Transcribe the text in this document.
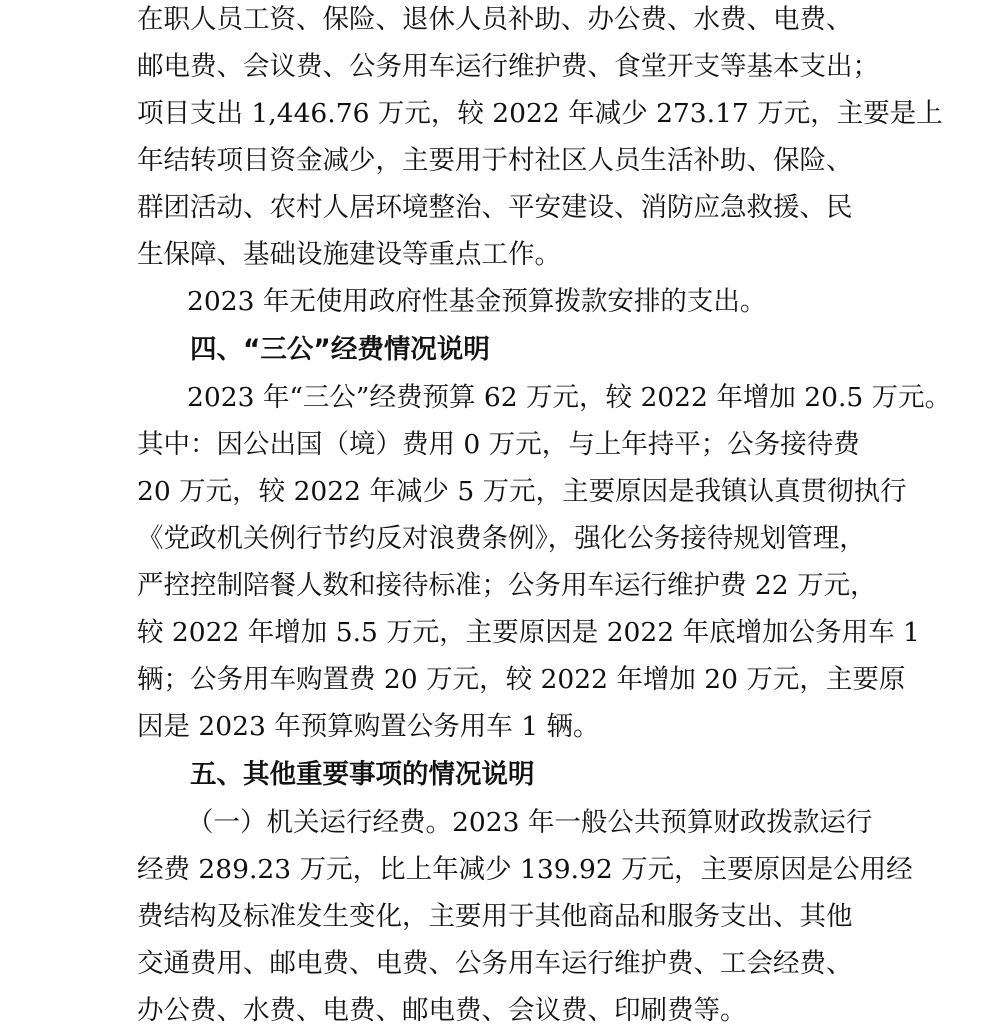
在职人员工资、保险、退休人员补助、办公费、水费、电费、
邮电费、会议费、公务用车运行维护费、食堂开支等基本支出；
项目支出 1,446.76 万元，较 2022 年减少 273.17 万元，主要是上
年结转项目资金减少，主要用于村社区人员生活补助、保险、
群团活动、农村人居环境整治、平安建设、消防应急救援、民
生保障、基础设施建设等重点工作。
2023 年无使用政府性基金预算拨款安排的支出。
四、“三公”经费情况说明
2023 年“三公”经费预算 62 万元，较 2022 年增加 20.5 万元。
其中：因公出国（境）费用 0 万元，与上年持平；公务接待费
20 万元，较 2022 年减少 5 万元，主要原因是我镇认真贯彻执行
《党政机关例行节约反对浪费条例》，强化公务接待规划管理，
严控控制陪餐人数和接待标准；公务用车运行维护费 22 万元，
较 2022 年增加 5.5 万元，主要原因是 2022 年底增加公务用车 1
辆；公务用车购置费 20 万元，较 2022 年增加 20 万元，主要原
因是 2023 年预算购置公务用车 1 辆。
五、其他重要事项的情况说明
（一）机关运行经费。2023 年一般公共预算财政拨款运行
经费 289.23 万元，比上年减少 139.92 万元，主要原因是公用经
费结构及标准发生变化，主要用于其他商品和服务支出、其他
交通费用、邮电费、电费、公务用车运行维护费、工会经费、
办公费、水费、电费、邮电费、会议费、印刷费等。
